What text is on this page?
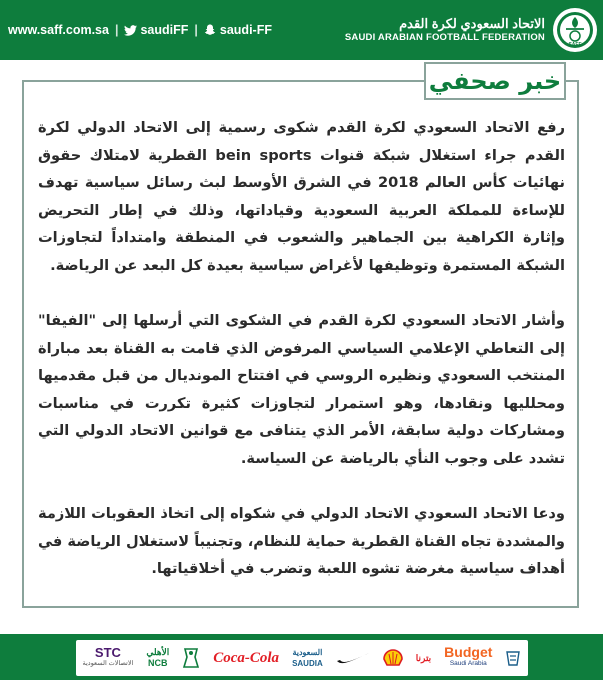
www.saff.com.sa | saudiFF | saudi-FF	الاتحاد السعودي لكرة القدم
SAUDI ARABIAN FOOTBALL FEDERATION
SAFF
خبر صحفي

رفع الاتحاد السعودي لكرة القدم شكوى رسمية إلى الاتحاد الدولي لكرة القدم جراء استغلال شبكة قنوات bein sports القطرية لامتلاك حقوق نهائيات كأس العالم 2018 في الشرق الأوسط لبث رسائل سياسية تهدف للإساءة للمملكة العربية السعودية وقياداتها، وذلك في إطار التحريض وإثارة الكراهية بين الجماهير والشعوب في المنطقة وامتداداً لتجاوزات الشبكة المستمرة وتوظيفها لأغراض سياسية بعيدة كل البعد عن الرياضة.

وأشار الاتحاد السعودي لكرة القدم في الشكوى التي أرسلها إلى "الفيفا" إلى التعاطي الإعلامي السياسي المرفوض الذي قامت به القناة بعد مباراة المنتخب السعودي ونظيره الروسي في افتتاح المونديال من قبل مقدميها ومحلليها ونقادها، وهو استمرار لتجاوزات كثيرة تكررت في مناسبات ومشاركات دولية سابقة، الأمر الذي يتنافى مع قوانين الاتحاد الدولي التي تشدد على وجوب النأي بالرياضة عن السياسة.

ودعا الاتحاد السعودي الاتحاد الدولي في شكواه إلى اتخاذ العقوبات اللازمة والمشددة تجاه القناة القطرية حماية للنظام، وتجنيباً لاستغلال الرياضة في أهداف سياسية مغرضة تشوه اللعبة وتضرب في أخلاقياتها.

STC
الاتصالات السعودية
الأهلي
NCB	Coca-Cola السعودية
SAUDIA
بترنا Budget
Saudi Arabia
